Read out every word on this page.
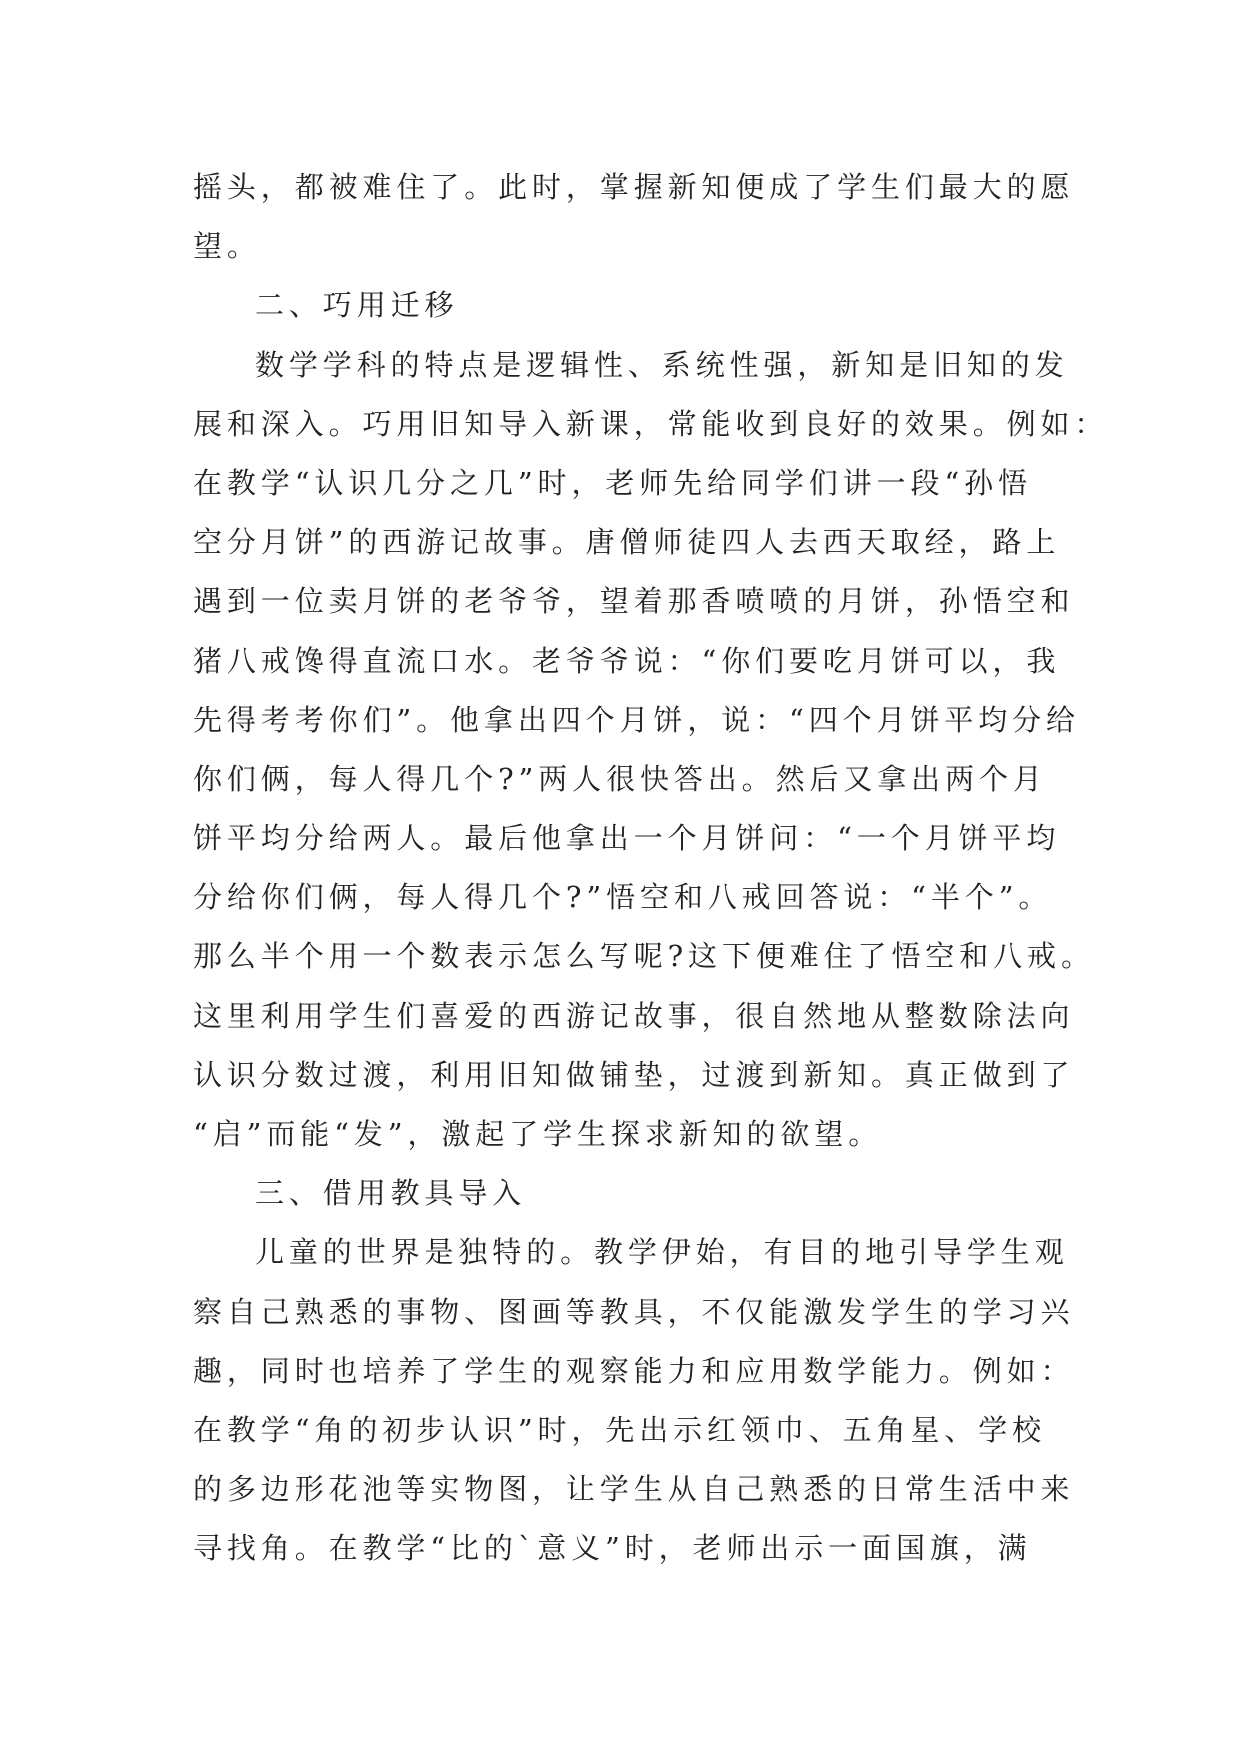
摇头，都被难住了。此时，掌握新知便成了学生们最大的愿
望。
二、巧用迁移
数学学科的特点是逻辑性、系统性强，新知是旧知的发
展和深入。巧用旧知导入新课，常能收到良好的效果。例如：
在教学“认识几分之几”时，老师先给同学们讲一段“孙悟
空分月饼”的西游记故事。唐僧师徒四人去西天取经，路上
遇到一位卖月饼的老爷爷，望着那香喷喷的月饼，孙悟空和
猪八戒馋得直流口水。老爷爷说：“你们要吃月饼可以，我
先得考考你们”。他拿出四个月饼，说：“四个月饼平均分给
你们俩，每人得几个?”两人很快答出。然后又拿出两个月
饼平均分给两人。最后他拿出一个月饼问：“一个月饼平均
分给你们俩，每人得几个?”悟空和八戒回答说：“半个”。
那么半个用一个数表示怎么写呢?这下便难住了悟空和八戒。
这里利用学生们喜爱的西游记故事，很自然地从整数除法向
认识分数过渡，利用旧知做铺垫，过渡到新知。真正做到了
“启”而能“发”，激起了学生探求新知的欲望。
三、借用教具导入
儿童的世界是独特的。教学伊始，有目的地引导学生观
察自己熟悉的事物、图画等教具，不仅能激发学生的学习兴
趣，同时也培养了学生的观察能力和应用数学能力。例如：
在教学“角的初步认识”时，先出示红领巾、五角星、学校
的多边形花池等实物图，让学生从自己熟悉的日常生活中来
寻找角。在教学“比的`意义”时，老师出示一面国旗，满
